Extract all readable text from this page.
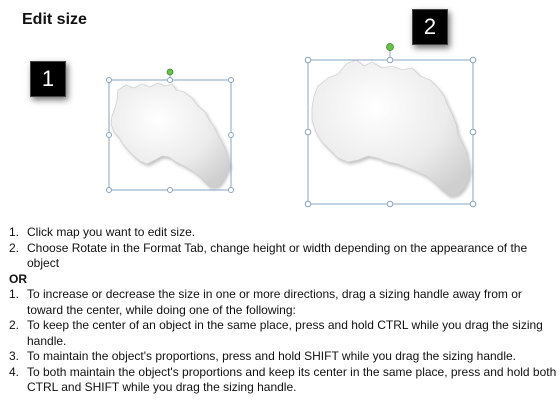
Edit size
1
2
1. Click map you want to edit size.
2. Choose Rotate in the Format Tab, change height or width depending on the appearance of the object
OR
1. To increase or decrease the size in one or more directions, drag a sizing handle away from or toward the center, while doing one of the following:
2. To keep the center of an object in the same place, press and hold CTRL while you drag the sizing handle.
3. To maintain the object's proportions, press and hold SHIFT while you drag the sizing handle.
4. To both maintain the object's proportions and keep its center in the same place, press and hold both CTRL and SHIFT while you drag the sizing handle.
